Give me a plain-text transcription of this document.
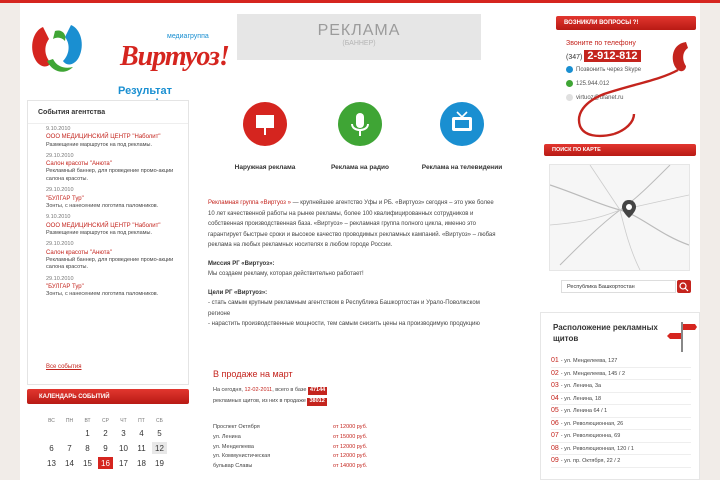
медиагруппа
Виртуоз!
Результат
РЕКЛАМА
(БАННЕР)
ВОЗНИКЛИ ВОПРОСЫ ?!
Звоните по телефону
(347) 2-912-812
Позвонить через Skype
125.944.012
virtuoz@ufanet.ru
События агентства
9.10.2010
ООО МЕДИЦИНСКИЙ ЦЕНТР "Наболит"
Размещение маршруток на под рекламы.
29.10.2010
Салон красоты "Анюта"
Рекламный баннер, для проведение промо-акции салона красоты.
29.10.2010
"БУЛГАР Тур"
Зонты, с нанесением логотипа паломников.
9.10.2010
ООО МЕДИЦИНСКИЙ ЦЕНТР "Наболит"
Размещение маршруток на под рекламы.
29.10.2010
Салон красоты "Анюта"
Рекламный баннер, для проведение промо-акции салона красоты.
29.10.2010
"БУЛГАР Тур"
Зонты, с нанесением логотипа паломников.
Все события
КАЛЕНДАРЬ СОБЫТИЙ
ВС	ПН	ВТ	СР	ЧТ	ПТ	СБ
		1	2	3	4	5
6	7	8	9	10	11	12
13	14	15	16	17	18	19
Наружная реклама	Реклама на радио	Реклама на телевидении

Рекламная группа «Виртуоз » — крупнейшее агентство Уфы и РБ. «Виртуоз» сегодня – это уже более 10 лет качественной работы на рынке рекламы, более 100 квалифицированных сотрудников и собственная производственная база. «Виртуоз» – рекламная группа полного цикла, именно это гарантирует быстрые сроки и высокое качество проводимых рекламных кампаний. «Виртуоз» – любая реклама на любых рекламных носителях в любом городе России.

Миссия РГ «Виртуоз»:
Мы создаем рекламу, которая действительно работает!

Цели РГ «Виртуоз»:
- стать самым крупным рекламным агентством в Республика Башкортостан и Урало-Поволжском регионе
- нарастить производственные мощности, тем самым снизить цены на производимую продукцию

В продаже на март
На сегодня, 12-02-2011, всего в базе 47144
рекламных щитов, из них в продаже 38012
Проспект Октября	от 12000 руб.
ул. Ленина	от 15000 руб.
ул. Менделеева	от 12000 руб.
ул. Коммунистическая	от 12000 руб.
бульвар Славы	от 14000 руб.
ПОИСК ПО КАРТЕ
Республика Башкортостан
Расположение рекламных щитов
01 - ул. Менделеева, 127
02 - ул. Менделеева, 145 / 2
03 - ул. Ленина, 3а
04 - ул. Ленина, 18
05 - ул. Ленина 64 / 1
06 - ул. Революционная, 26
07 - ул. Революционна, 69
08 - ул. Революционная, 120 / 1
09 - ул. пр. Октября, 22 / 2
